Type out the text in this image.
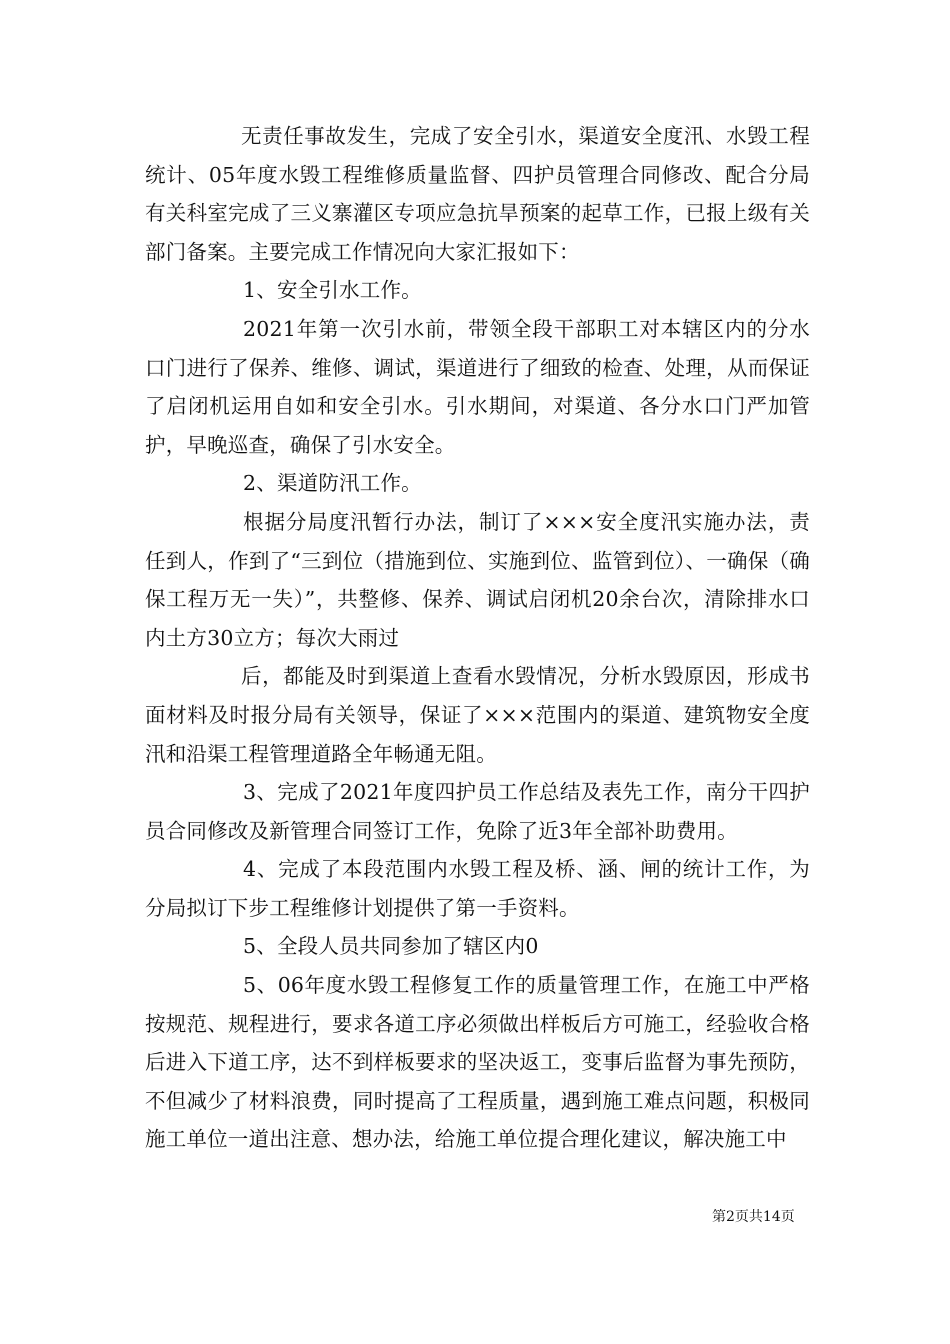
无责任事故发生，完成了安全引水，渠道安全度汛、水毁工程统计、05年度水毁工程维修质量监督、四护员管理合同修改、配合分局有关科室完成了三义寨灌区专项应急抗旱预案的起草工作，已报上级有关部门备案。主要完成工作情况向大家汇报如下：

1、安全引水工作。

2021年第一次引水前，带领全段干部职工对本辖区内的分水口门进行了保养、维修、调试，渠道进行了细致的检查、处理，从而保证了启闭机运用自如和安全引水。引水期间，对渠道、各分水口门严加管护，早晚巡查，确保了引水安全。

2、渠道防汛工作。

根据分局度汛暂行办法，制订了×××安全度汛实施办法，责任到人，作到了“三到位（措施到位、实施到位、监管到位）、一确保（确保工程万无一失）”，共整修、保养、调试启闭机20余台次，清除排水口内土方30立方；每次大雨过

后，都能及时到渠道上查看水毁情况，分析水毁原因，形成书面材料及时报分局有关领导，保证了×××范围内的渠道、建筑物安全度汛和沿渠工程管理道路全年畅通无阻。

3、完成了2021年度四护员工作总结及表先工作，南分干四护员合同修改及新管理合同签订工作，免除了近3年全部补助费用。

4、完成了本段范围内水毁工程及桥、涵、闸的统计工作，为分局拟订下步工程维修计划提供了第一手资料。

5、全段人员共同参加了辖区内0

5、06年度水毁工程修复工作的质量管理工作，在施工中严格按规范、规程进行，要求各道工序必须做出样板后方可施工，经验收合格后进入下道工序，达不到样板要求的坚决返工，变事后监督为事先预防，不但减少了材料浪费，同时提高了工程质量，遇到施工难点问题，积极同施工单位一道出注意、想办法，给施工单位提合理化建议，解决施工中

第2页共14页
